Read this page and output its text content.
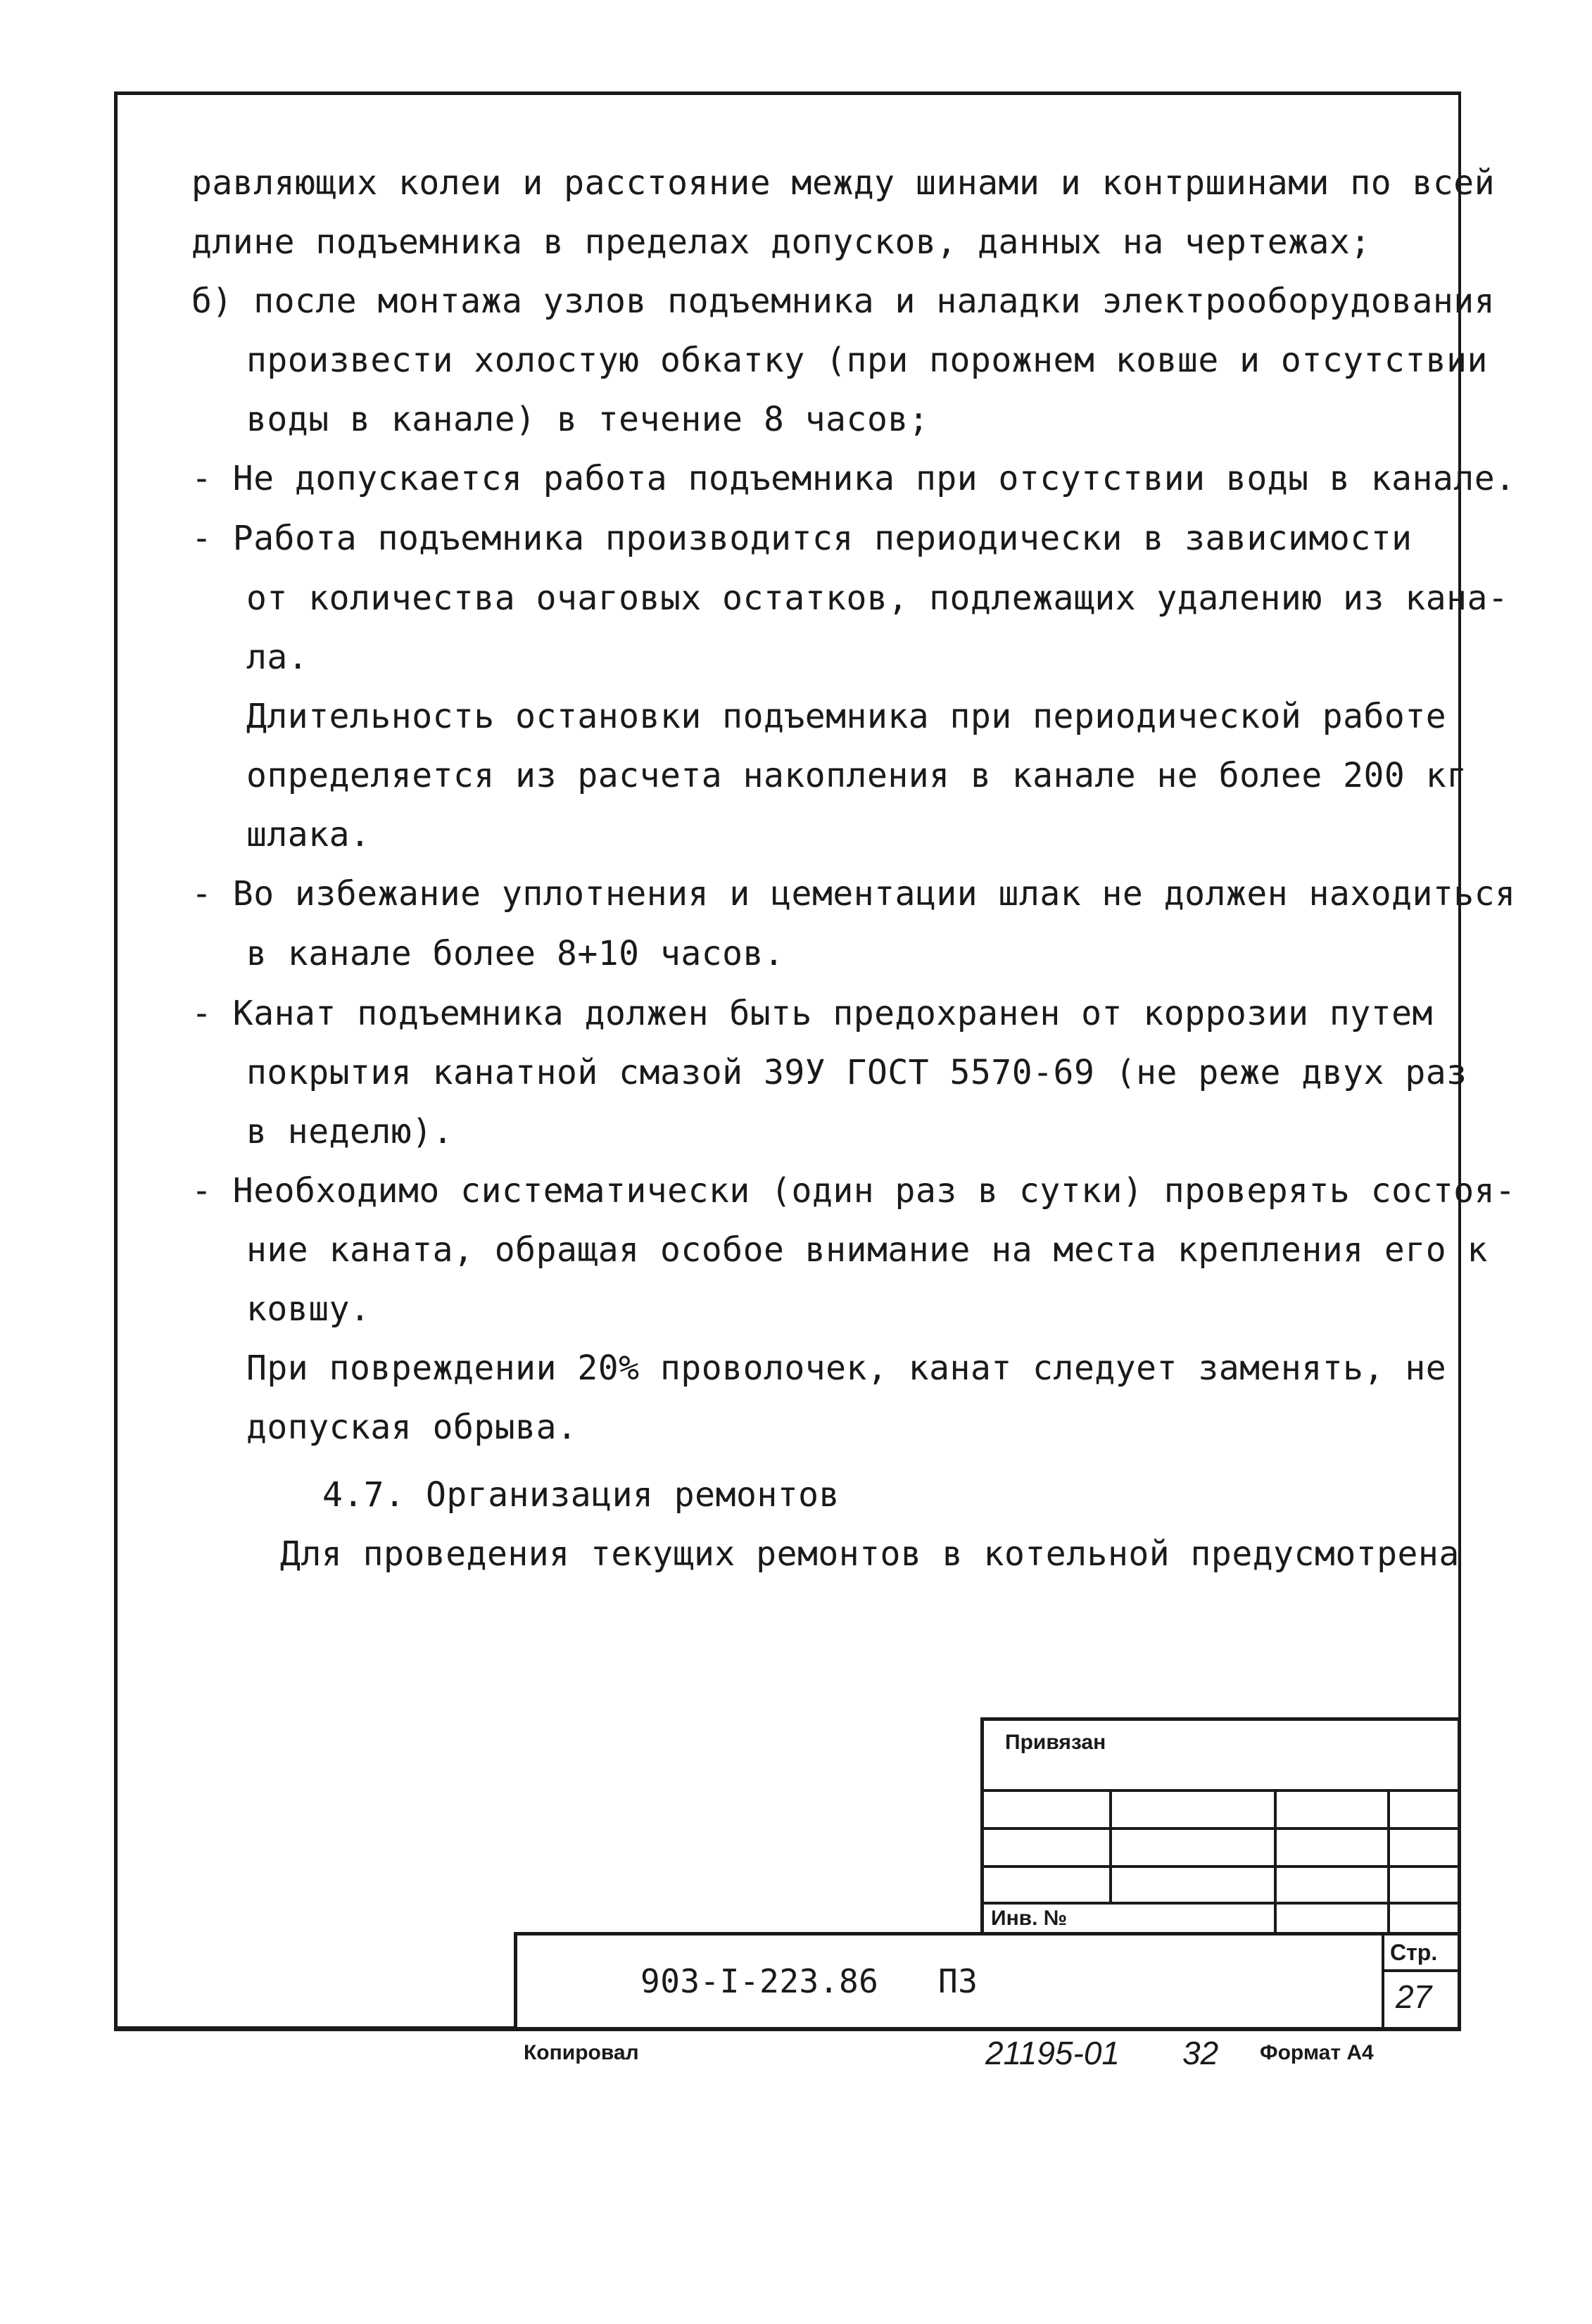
равляющих колеи и расстояние между шинами и контршинами по всей
длине подъемника в пределах допусков, данных на чертежах;
б) после монтажа узлов подъемника и наладки электрооборудования
произвести холостую обкатку (при порожнем ковше и отсутствии
воды в канале) в течение 8 часов;
- Не допускается работа подъемника при отсутствии воды в канале.
- Работа подъемника производится периодически в зависимости
от количества очаговых остатков, подлежащих удалению из кана-
ла.
Длительность остановки подъемника при периодической работе
определяется из расчета накопления в канале не более 200 кг
шлака.
- Во избежание уплотнения и цементации шлак не должен находиться
в канале более 8+10 часов.
- Канат подъемника должен быть предохранен от коррозии путем
покрытия канатной смазой 39У ГОСТ 5570-69 (не реже двух раз
в неделю).
- Необходимо систематически (один раз в сутки) проверять состоя-
ние каната, обращая особое внимание на места крепления его к
ковшу.
При повреждении 20% проволочек, канат следует заменять, не
допуская обрыва.
4.7. Организация ремонтов
Для проведения текущих ремонтов в котельной предусмотрена
Привязан
Инв. №
903-I-223.86 ПЗ
Стр.
27
Копировал	21195-01 32 Формат А4
